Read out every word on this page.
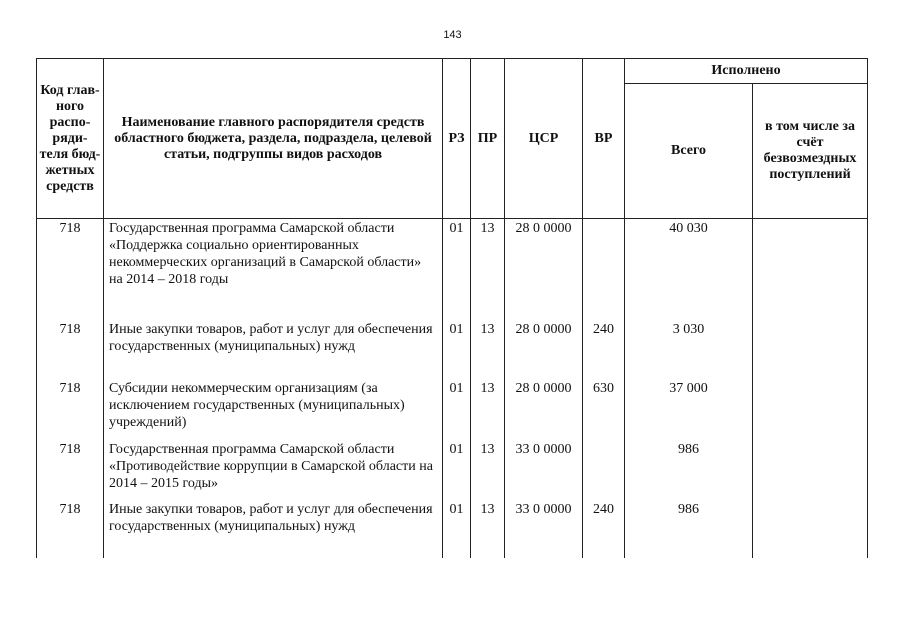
143
Код глав-ного распо-ряди-теля бюд-жетных средств	Наименование главного распорядителя средств областного бюджета, раздела, подраздела, целевой статьи, подгруппы видов расходов	РЗ	ПР	ЦСР	ВР	Исполнено	
						Всего	в том числе за счёт безвозмездных поступлений
718	Государственная программа Самарской области «Поддержка социально ориентированных некоммерческих организаций в Самарской области» на 2014 – 2018 годы	01	13	28 0 0000		40 030	
718	Иные закупки товаров, работ и услуг для обеспечения государственных (муниципальных) нужд	01	13	28 0 0000	240	3 030	
718	Субсидии некоммерческим организациям (за исключением государственных (муниципальных) учреждений)	01	13	28 0 0000	630	37 000	
718	Государственная программа Самарской области «Противодействие коррупции в Самарской области на 2014 – 2015 годы»	01	13	33 0 0000		986	
718	Иные закупки товаров, работ и услуг для обеспечения государственных (муниципальных) нужд	01	13	33 0 0000	240	986	
